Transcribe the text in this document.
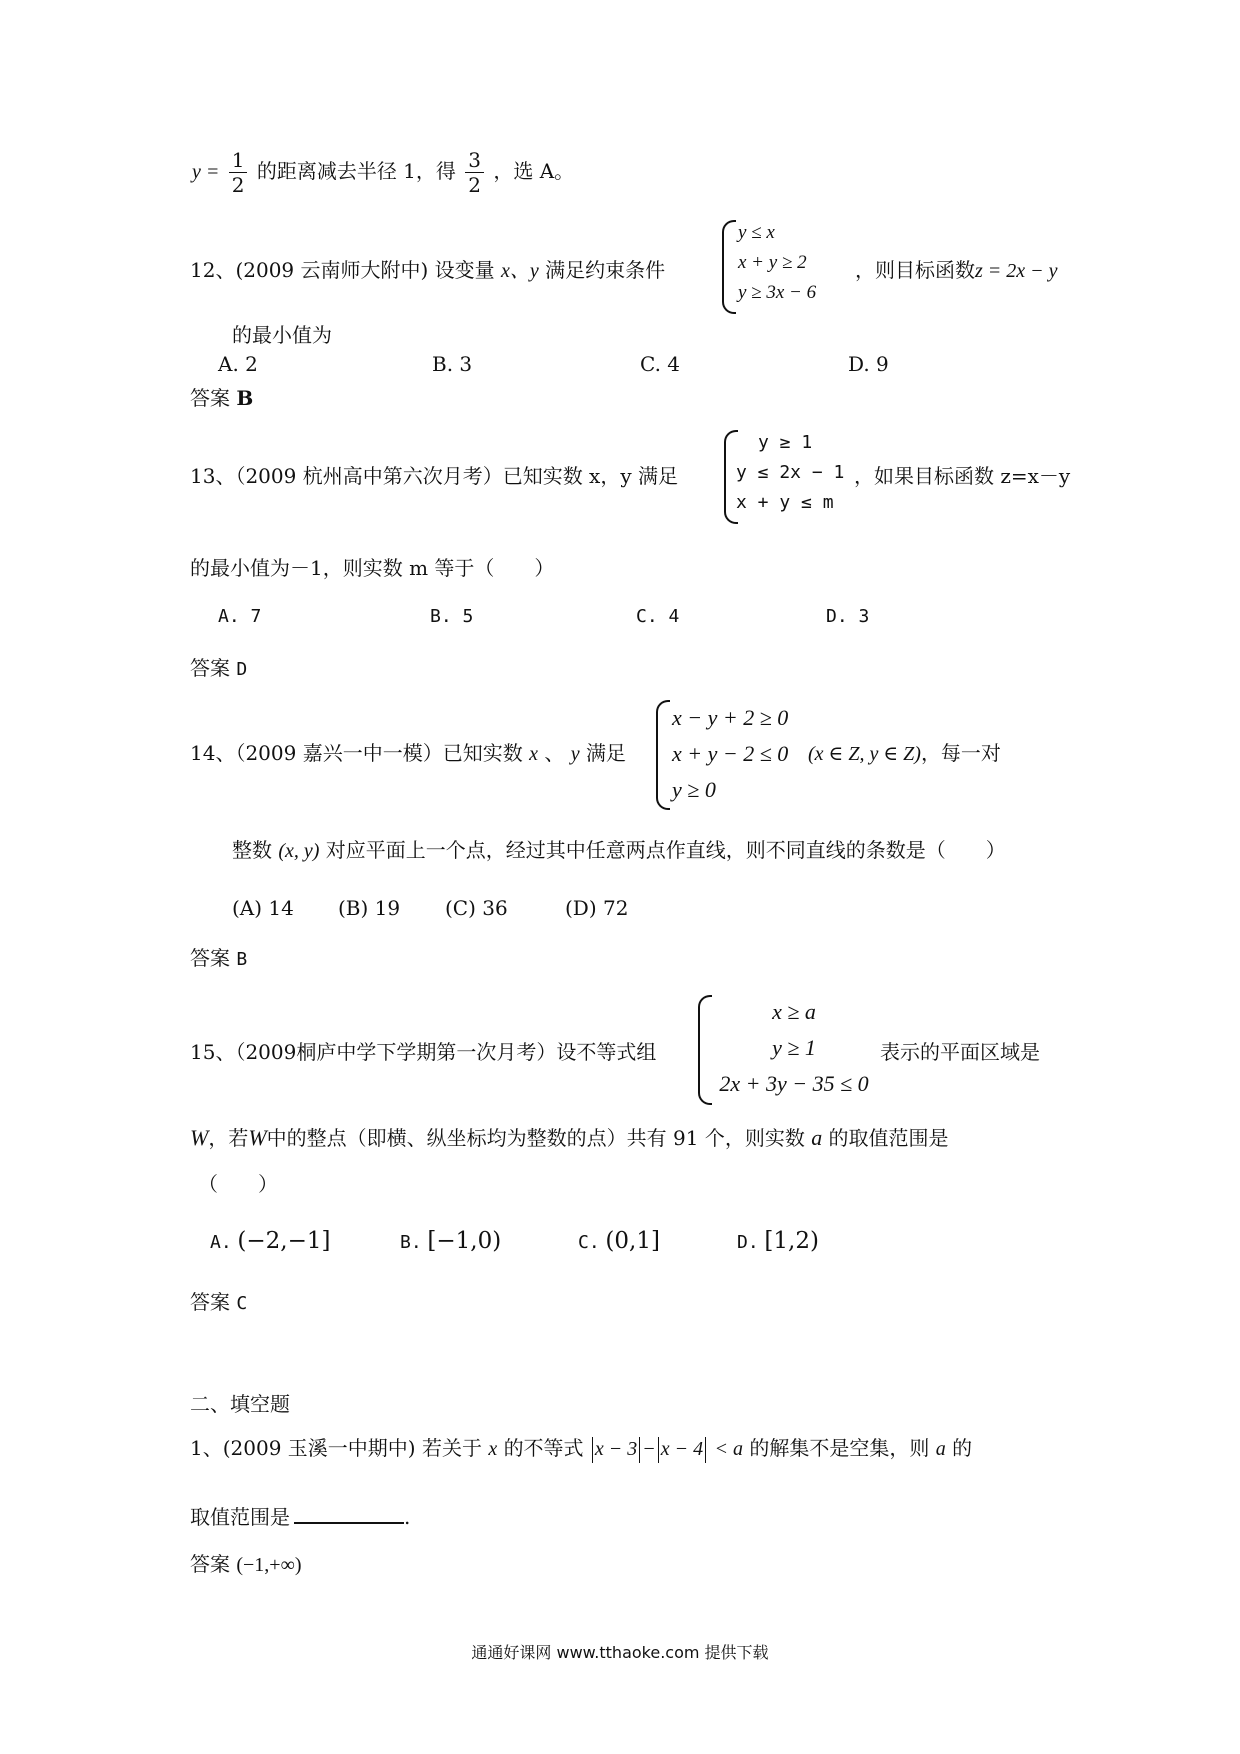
$y = \frac{1}{2}$ 的距离减去半径 1，得 $\frac{3}{2}$ ，选 A。
12、(2009 云南师大附中) 设变量 x、y 满足约束条件
y ≤ x
x + y ≥ 2
y ≥ 3x − 6
，则目标函数z = 2x − y
的最小值为
A. 2	B. 3	C. 4	D. 9
答案 B
13、（2009 杭州高中第六次月考）已知实数 x，y 满足
y ≥ 1
y ≤ 2x − 1
x + y ≤ m
，如果目标函数 z=x－y
的最小值为－1，则实数 m 等于（　　）
A. 7	B. 5	C. 4	D. 3
答案 D
14、（2009 嘉兴一中一模）已知实数 x 、 y 满足
x − y + 2 ≥ 0
x + y − 2 ≤ 0
y ≥ 0
(x ∈ Z, y ∈ Z)，每一对
整数 (x, y) 对应平面上一个点，经过其中任意两点作直线，则不同直线的条数是（　　）
(A) 14 (B) 19 (C) 36	(D) 72
答案 B
15、（2009桐庐中学下学期第一次月考）设不等式组
x ≥ a
y ≥ 1
2x + 3y − 35 ≤ 0
表示的平面区域是
W，若W中的整点（即横、纵坐标均为整数的点）共有 91 个，则实数 a 的取值范围是
（　　）
A. (−2,−1]	B. [−1,0)	C. (0,1]	D. [1,2)
答案 C
二、填空题
1、(2009 玉溪一中期中) 若关于 x 的不等式 x − 3 − x − 4 < a 的解集不是空集，则 a 的
取值范围是	.
答案 (−1,+∞)
通通好课网 www.tthaoke.com 提供下载
